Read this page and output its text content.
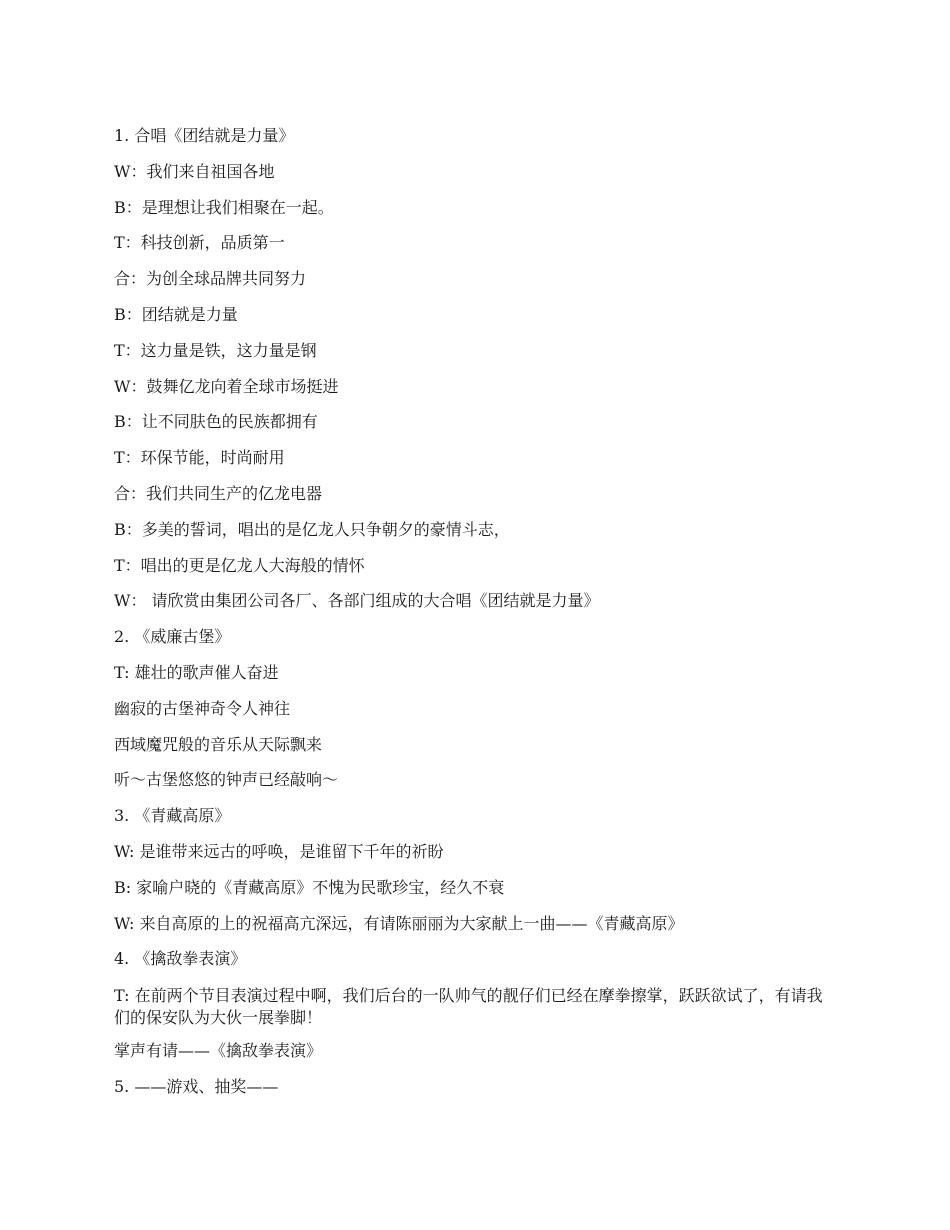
1. 合唱《团结就是力量》

W：我们来自祖国各地

B：是理想让我们相聚在一起。

T：科技创新，品质第一

合：为创全球品牌共同努力

B：团结就是力量

T：这力量是铁，这力量是钢

W：鼓舞亿龙向着全球市场挺进

B：让不同肤色的民族都拥有

T：环保节能，时尚耐用

合：我们共同生产的亿龙电器

B：多美的誓词，唱出的是亿龙人只争朝夕的豪情斗志，

T：唱出的更是亿龙人大海般的情怀

W： 请欣赏由集团公司各厂、各部门组成的大合唱《团结就是力量》

2. 《威廉古堡》

T: 雄壮的歌声催人奋进

幽寂的古堡神奇令人神往

西域魔咒般的音乐从天际飘来

听～古堡悠悠的钟声已经敲响～

3. 《青藏高原》

W: 是谁带来远古的呼唤，是谁留下千年的祈盼

B: 家喻户晓的《青藏高原》不愧为民歌珍宝，经久不衰

W: 来自高原的上的祝福高亢深远，有请陈丽丽为大家献上一曲——《青藏高原》

4. 《擒敌拳表演》

T: 在前两个节目表演过程中啊，我们后台的一队帅气的靓仔们已经在摩拳擦掌，跃跃欲试了，有请我们的保安队为大伙一展拳脚！

掌声有请——《擒敌拳表演》

5. ——游戏、抽奖——
